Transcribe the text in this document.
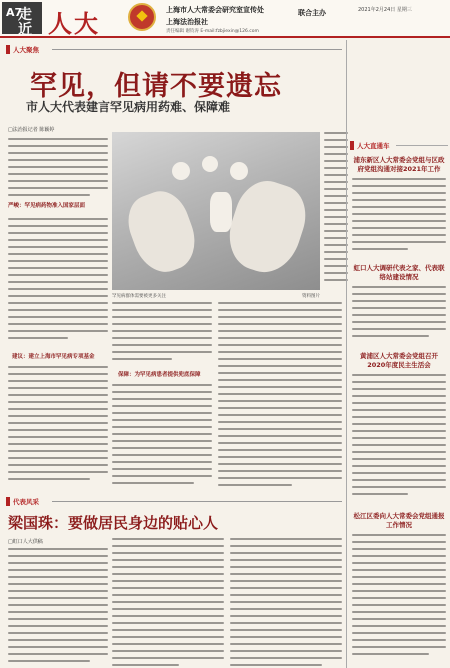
A7
走
近 人大	上海市人大常委会研究室宣传处
上海法治报社
责任编辑 谢钧涛 E-mail:fzbjiexin@126.com
联合主办	2021年2月24日 星期三
人大聚焦
罕见，但请不要遗忘
市人大代表建言罕见病用药难、保障难
□法治报记者 陈颖婷
严峻：罕见病药物准入国家层面
建议：建立上海市罕见病专项基金
罕见病群体需要被更多关注	资料图片
保障：为罕见病患者提供兜底保障
人大直通车
浦东新区人大常委会党组与区政府党组沟通对接2021年工作
虹口人大调研代表之家、代表联络站建设情况
黄浦区人大常委会党组召开2020年度民主生活会
松江区委向人大常委会党组通报工作情况
代表风采
梁国珠：要做居民身边的贴心人
□虹口人大供稿
